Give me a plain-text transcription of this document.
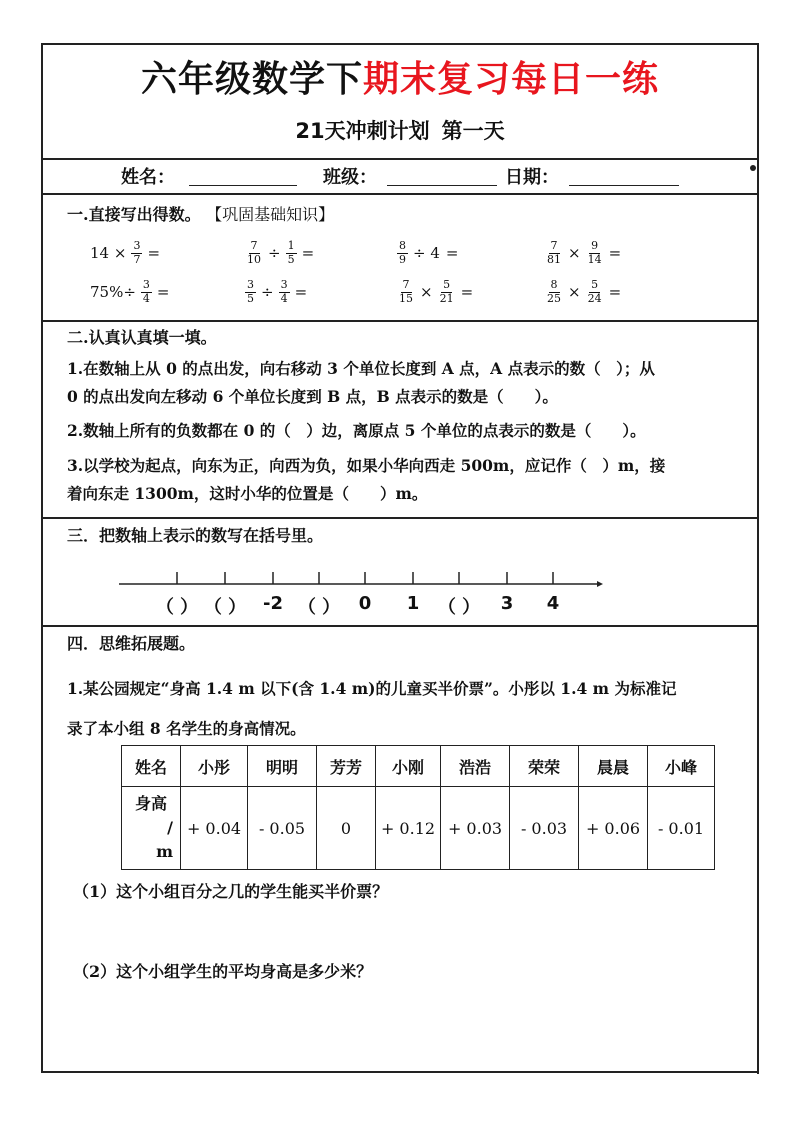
六年级数学下期末复习每日一练
21天冲刺计划 第一天
姓名：	班级：	日期：
一.直接写出得数。 【巩固基础知识】
$14 \times \frac{3}{7}$ =	$\frac{7}{10} \div \frac{1}{5}$ =	$\frac{8}{9} \div 4$ =	$\frac{7}{81} \times \frac{9}{14}$ =
$75\%\div \frac{3}{4}$ =	$\frac{3}{5} \div \frac{3}{4}$ =	$\frac{7}{15} \times \frac{5}{21}$ =	$\frac{8}{25} \times \frac{5}{24}$ =
二.认真认真填一填。
1.在数轴上从 0 的点出发，向右移动 3 个单位长度到 A 点，A 点表示的数（　）；从
0 的点出发向左移动 6 个单位长度到 B 点，B 点表示的数是（　　）。
2.数轴上所有的负数都在 0 的（　）边，离原点 5 个单位的点表示的数是（　　）。
3.以学校为起点，向东为正，向西为负，如果小华向西走 500m，应记作（　）m，接
着向东走 1300m，这时小华的位置是（　　）m。
三．把数轴上表示的数写在括号里。
（ ） （ ） -2 （ ） 0 1 （ ） 3 4
四．思维拓展题。
1.某公园规定“身高 1.4 m 以下(含 1.4 m)的儿童买半价票”。小彤以 1.4 m 为标准记
录了本小组 8 名学生的身高情况。
姓名	小彤	明明	芳芳	小刚	浩浩	荣荣	晨晨	小峰

身高
/
m	+ 0.04	- 0.05	0	+ 0.12	+ 0.03	- 0.03	+ 0.06	- 0.01
（1）这个小组百分之几的学生能买半价票？
（2）这个小组学生的平均身高是多少米？
